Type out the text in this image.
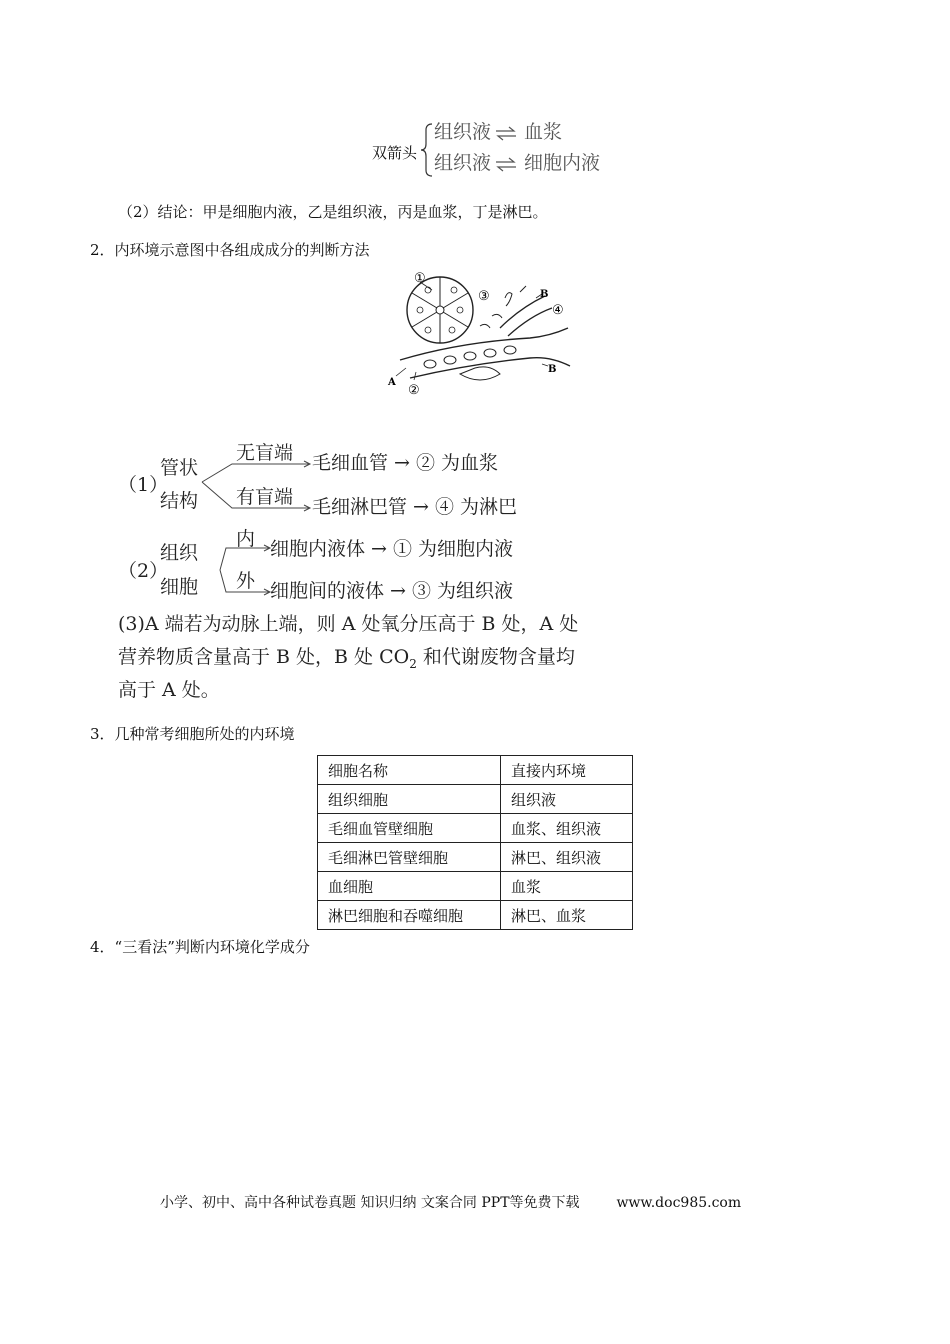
双箭头
组织液 ⇌ 血浆
组织液 ⇌ 细胞内液
（2）结论：甲是细胞内液，乙是组织液，丙是血浆，丁是淋巴。
2．内环境示意图中各组成成分的判断方法
①
③	B
④
A
②
B
（1）
管状
结构
无盲端 毛细血管 → ② 为血浆
有盲端 毛细淋巴管 → ④ 为淋巴
（2）
组织
细胞
内 细胞内液体 → ① 为细胞内液
外 细胞间的液体 → ③ 为组织液
(3)A 端若为动脉上端，则 A 处氧分压高于 B 处，A 处
营养物质含量高于 B 处，B 处 $CO_2$ 和代谢废物含量均
高于 A 处。
3．几种常考细胞所处的内环境
细胞名称	直接内环境
组织细胞	组织液
毛细血管壁细胞	血浆、组织液
毛细淋巴管壁细胞	淋巴、组织液
血细胞	血浆
淋巴细胞和吞噬细胞	淋巴、血浆
4．“三看法”判断内环境化学成分
小学、初中、高中各种试卷真题 知识归纳 文案合同 PPT等免费下载	www.doc985.com
